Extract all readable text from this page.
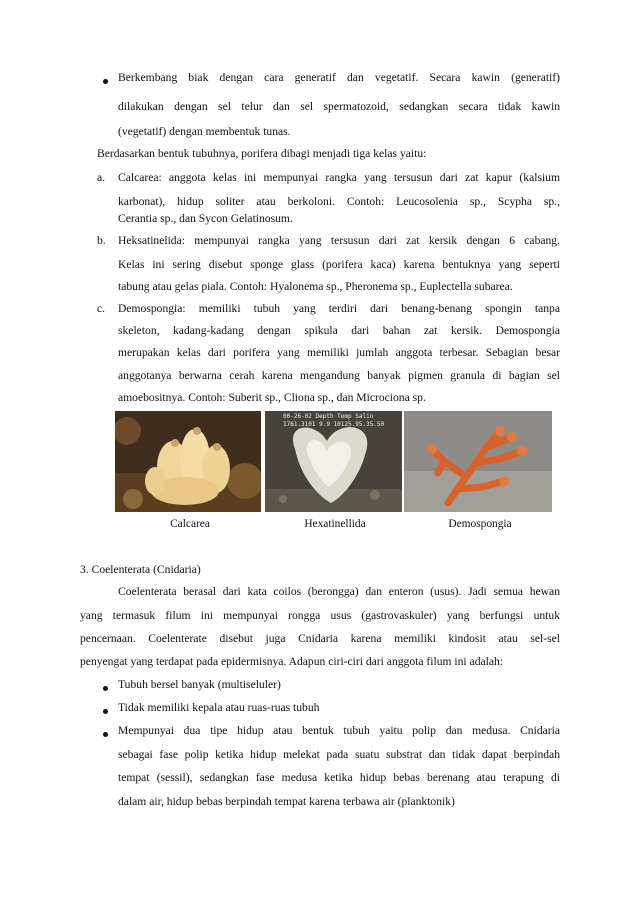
Berkembang biak dengan cara generatif dan vegetatif. Secara kawin (generatif)
dilakukan dengan sel telur dan sel spermatozoid, sedangkan secara tidak kawin
(vegetatif) dengan membentuk tunas.
Berdasarkan bentuk tubuhnya, porifera dibagi menjadi tiga kelas yaitu:
a. Calcarea: anggota kelas ini mempunyai rangka yang tersusun dari zat kapur (kalsium
karbonat), hidup soliter atau berkoloni. Contoh: Leucosolenia sp., Scypha sp.,
Cerantia sp., dan Sycon Gelatinosum.
b. Heksatinelida: mempunyai rangka yang tersusun dari zat kersik dengan 6 cabang.
Kelas ini sering disebut sponge glass (porifera kaca) karena bentuknya yang seperti
tabung atau gelas piala. Contoh: Hyalonema sp., Pheronema sp., Euplectella subarea.
c. Demospongia: memiliki tubuh yang terdiri dari benang-benang spongin tanpa
skeleton, kadang-kadang dengan spikula dari bahan zat kersik. Demospongia
merupakan kelas dari porifera yang memiliki jumlah anggota terbesar. Sebagian besar
anggotanya berwarna cerah karena mengandung banyak pigmen granula di bagian sel
amoebositnya. Contoh: Suberit sp., Cliona sp., dan Microciona sp.
00-26-02 Depth Temp Salin
1761.3101 9.9 10125.95.35.50
Calcarea	Hexatinellida	Demospongia
3. Coelenterata (Cnidaria)
Coelenterata berasal dari kata coilos (berongga) dan enteron (usus). Jadi semua hewan
yang termasuk filum ini mempunyai rongga usus (gastrovaskuler) yang berfungsi untuk
pencernaan. Coelenterate disebut juga Cnidaria karena memiliki kindosit atau sel-sel
penyengat yang terdapat pada epidermisnya. Adapun ciri-ciri dari anggota filum ini adalah:
Tubuh bersel banyak (multiseluler)
Tidak memiliki kepala atau ruas-ruas tubuh
Mempunyai dua tipe hidup atau bentuk tubuh yaitu polip dan medusa. Cnidaria
sebagai fase polip ketika hidup melekat pada suatu substrat dan tidak dapat berpindah
tempat (sessil), sedangkan fase medusa ketika hidup bebas berenang atau terapung di
dalam air, hidup bebas berpindah tempat karena terbawa air (planktonik)
